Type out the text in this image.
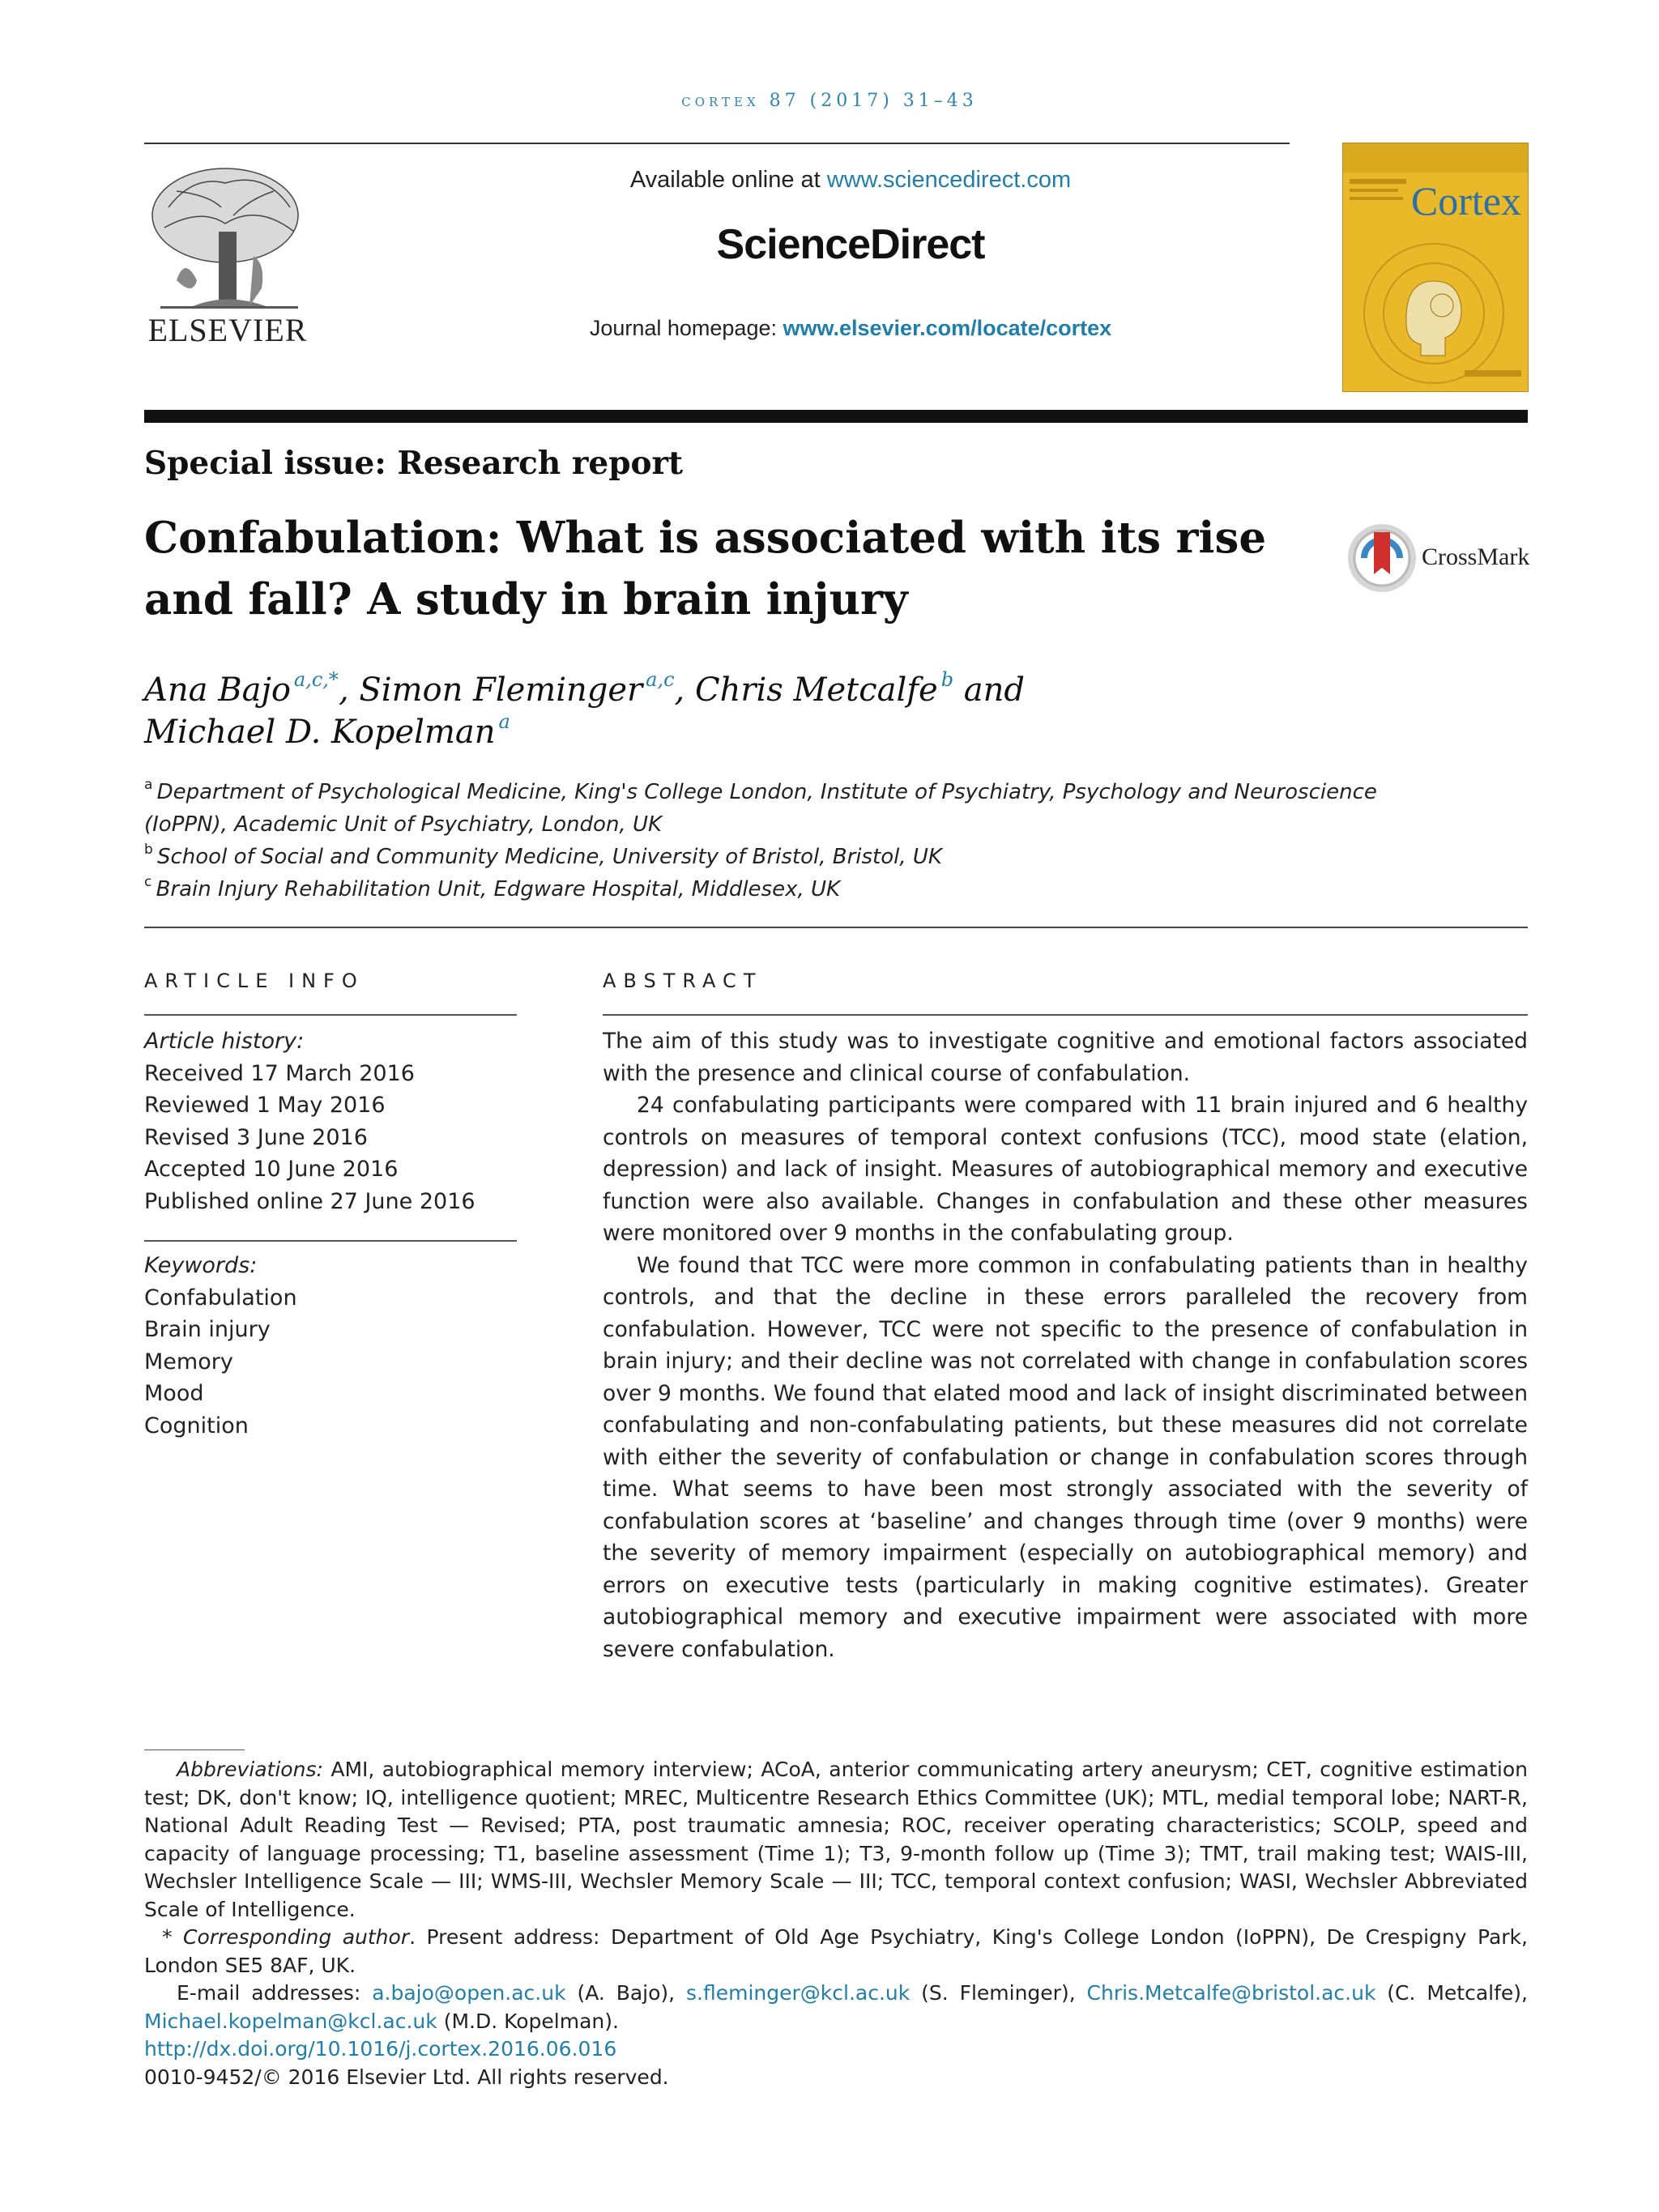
cortex 87 (2017) 31–43
ELSEVIER
Available online at www.sciencedirect.com
ScienceDirect
Journal homepage: www.elsevier.com/locate/cortex
Cortex
Special issue: Research report
Confabulation: What is associated with its rise and fall? A study in brain injury
CrossMark
Ana Bajo  $^{a,c,*}$, Simon Fleminger  $^{a,c}$, Chris Metcalfe  $^b$ and
Michael D. Kopelman  $^a$
$^a$  Department of Psychological Medicine, King's College London, Institute of Psychiatry, Psychology and Neuroscience
(IoPPN), Academic Unit of Psychiatry, London, UK
$^b$  School of Social and Community Medicine, University of Bristol, Bristol, UK
$^c$  Brain Injury Rehabilitation Unit, Edgware Hospital, Middlesex, UK
ARTICLE INFO
Article history:
Received 17 March 2016
Reviewed 1 May 2016
Revised 3 June 2016
Accepted 10 June 2016
Published online 27 June 2016
Keywords:
Confabulation
Brain injury
Memory
Mood
Cognition
ABSTRACT

The aim of this study was to investigate cognitive and emotional factors associated with the presence and clinical course of confabulation.

24 confabulating participants were compared with 11 brain injured and 6 healthy controls on measures of temporal context confusions (TCC), mood state (elation, depression) and lack of insight. Measures of autobiographical memory and executive function were also available. Changes in confabulation and these other measures were monitored over 9 months in the confabulating group.

We found that TCC were more common in confabulating patients than in healthy controls, and that the decline in these errors paralleled the recovery from confabulation. However, TCC were not specific to the presence of confabulation in brain injury; and their decline was not correlated with change in confabulation scores over 9 months. We found that elated mood and lack of insight discriminated between confabulating and non-confabulating patients, but these measures did not correlate with either the severity of confabulation or change in confabulation scores through time. What seems to have been most strongly associated with the severity of confabulation scores at ‘baseline’ and changes through time (over 9 months) were the severity of memory impairment (especially on autobiographical memory) and errors on executive tests (particularly in making cognitive estimates). Greater autobiographical memory and executive impairment were associated with more severe confabulation.

Abbreviations: AMI, autobiographical memory interview; ACoA, anterior communicating artery aneurysm; CET, cognitive estimation test; DK, don't know; IQ, intelligence quotient; MREC, Multicentre Research Ethics Committee (UK); MTL, medial temporal lobe; NART-R, National Adult Reading Test — Revised; PTA, post traumatic amnesia; ROC, receiver operating characteristics; SCOLP, speed and capacity of language processing; T1, baseline assessment (Time 1); T3, 9-month follow up (Time 3); TMT, trail making test; WAIS-III, Wechsler Intelligence Scale — III; WMS-III, Wechsler Memory Scale — III; TCC, temporal context confusion; WASI, Wechsler Abbreviated Scale of Intelligence.

* Corresponding author. Present address: Department of Old Age Psychiatry, King's College London (IoPPN), De Crespigny Park, London SE5 8AF, UK.

E-mail addresses: a.bajo@open.ac.uk (A. Bajo), s.fleminger@kcl.ac.uk (S. Fleminger), Chris.Metcalfe@bristol.ac.uk (C. Metcalfe), Michael.kopelman@kcl.ac.uk (M.D. Kopelman).

http://dx.doi.org/10.1016/j.cortex.2016.06.016

0010-9452/© 2016 Elsevier Ltd. All rights reserved.
